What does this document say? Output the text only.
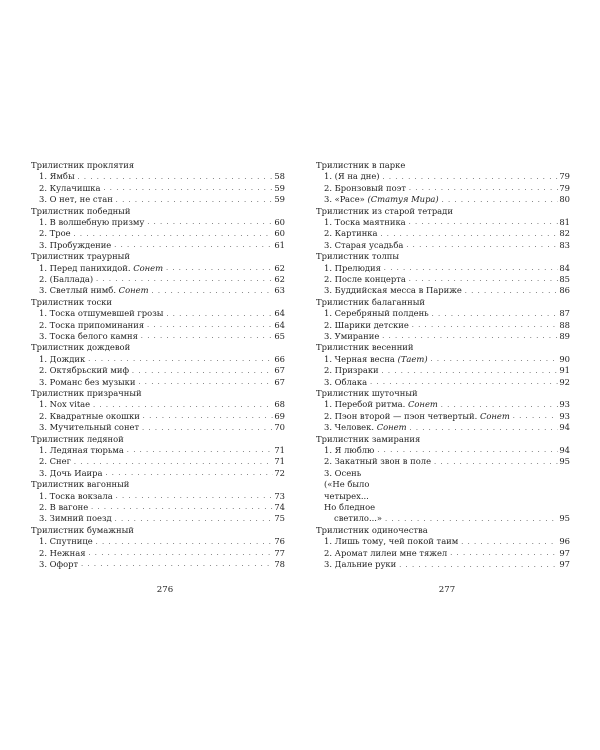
Трилистник проклятия
1. Ямбы . . .	58
2. Кулачишка . . .	59
3. О нет, не стан . . .	59
Трилистник победный
1. В волшебную призму . . .	60
2. Трое . . .	60
3. Пробуждение . . .	61
Трилистник траурный
1. Перед панихидой. Сонет . . .	62
2. (Баллада) . . .	62
3. Светлый нимб. Сонет . . .	63
Трилистник тоски
1. Тоска отшумевшей грозы . . .	64
2. Тоска припоминания . . .	64
3. Тоска белого камня . . .	65
Трилистник дождевой
1. Дождик . . .	66
2. Октябрьский миф . . .	67
3. Романс без музыки . . .	67
Трилистник призрачный
1. Nox vitae . . .	68
2. Квадратные окошки . . .	69
3. Мучительный сонет . . .	70
Трилистник ледяной
1. Ледяная тюрьма . . .	71
2. Снег . . .	71
3. Дочь Иаира . . .	72
Трилистник вагонный
1. Тоска вокзала . . .	73
2. В вагоне . . .	74
3. Зимний поезд . . .	75
Трилистник бумажный
1. Спутнице . . .	76
2. Нежная . . .	77
3. Офорт . . .	78
276
Трилистник в парке
1. (Я на дне) . . .	79
2. Бронзовый поэт . . .	79
3. «Pace» (Статуя Мира) . . .	80
Трилистник из старой тетради
1. Тоска маятника . . .	81
2. Картинка . . .	82
3. Старая усадьба . . .	83
Трилистник толпы
1. Прелюдия . . .	84
2. После концерта . . .	85
3. Буддийская месса в Париже . . .	86
Трилистник балаганный
1. Серебряный полдень . . .	87
2. Шарики детские . . .	88
3. Умирание . . .	89
Трилистник весенний
1. Черная весна (Тает) . . .	90
2. Призраки . . .	91
3. Облака . . .	92
Трилистник шуточный
1. Перебой ритма. Сонет . . .	93
2. Пэон второй — пэон четвертый. Сонет . . .	93
3. Человек. Сонет . . .	94
Трилистник замирания
1. Я люблю . . .	94
2. Закатный звон в поле . . .	95
3. Осень («Не было четырех... Но бледное
светило...» . . .	95
Трилистник одиночества
1. Лишь тому, чей покой таим . . .	96
2. Аромат лилеи мне тяжел . . .	97
3. Дальние руки . . .	97
277
